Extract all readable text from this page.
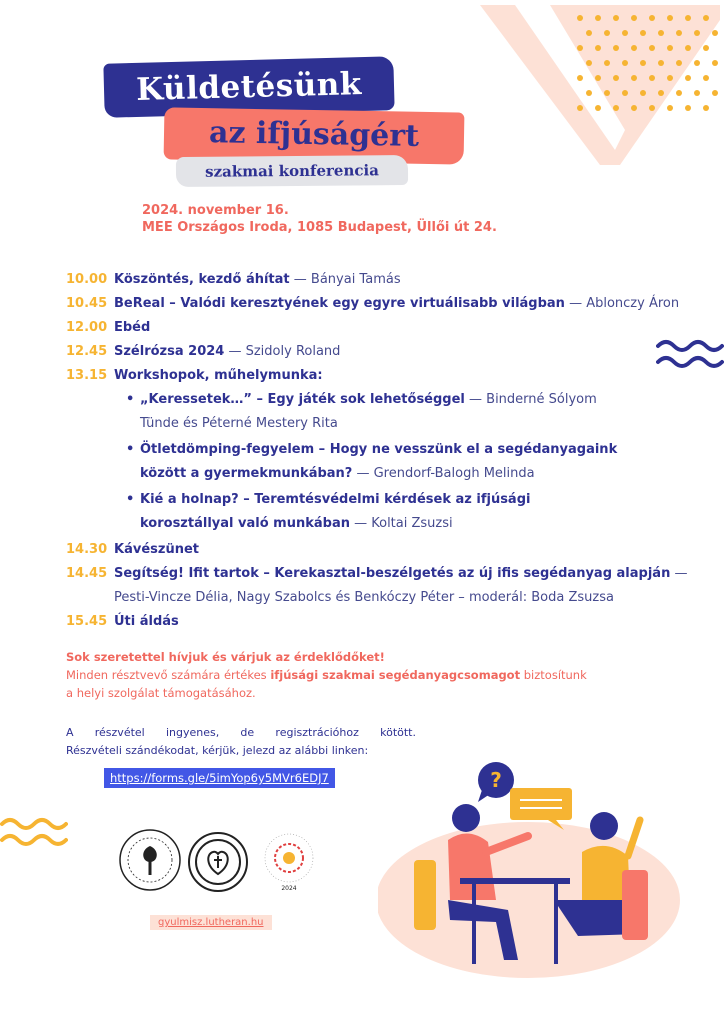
Küldetésünk
az ifjúságért
szakmai konferencia
2024. november 16.
MEE Országos Iroda, 1085 Budapest, Üllői út 24.
10.00 Köszöntés, kezdő áhítat — Bányai Tamás
10.45 BeReal – Valódi keresztyének egy egyre virtuálisabb világban — Ablonczy Áron
12.00 Ebéd
12.45 Szélrózsa 2024 — Szidoly Roland
13.15 Workshopok, műhelymunka:
• „Keressetek…” – Egy játék sok lehetőséggel — Binderné Sólyom Tünde és Péterné Mestery Rita
• Ötletdömping-fegyelem – Hogy ne vesszünk el a segédanyagaink között a gyermekmunkában? — Grendorf-Balogh Melinda
• Kié a holnap? – Teremtésvédelmi kérdések az ifjúsági korosztállyal való munkában — Koltai Zsuzsi
14.30 Kávészünet
14.45 Segítség! Ifit tartok – Kerekasztal-beszélgetés az új ifis segédanyag alapján —
Pesti-Vincze Délia, Nagy Szabolcs és Benkóczy Péter – moderál: Boda Zsuzsa
15.45 Úti áldás
Sok szeretettel hívjuk és várjuk az érdeklődőket!
Minden résztvevő számára értékes ifjúsági szakmai segédanyagcsomagot biztosítunk
a helyi szolgálat támogatásához.
A részvétel ingyenes, de regisztrációhoz kötött.
Részvételi szándékodat, kérjük, jelezd az alábbi linken:
https://forms.gle/5imYop6y5MVr6EDJ7
2024
gyulmisz.lutheran.hu
?
